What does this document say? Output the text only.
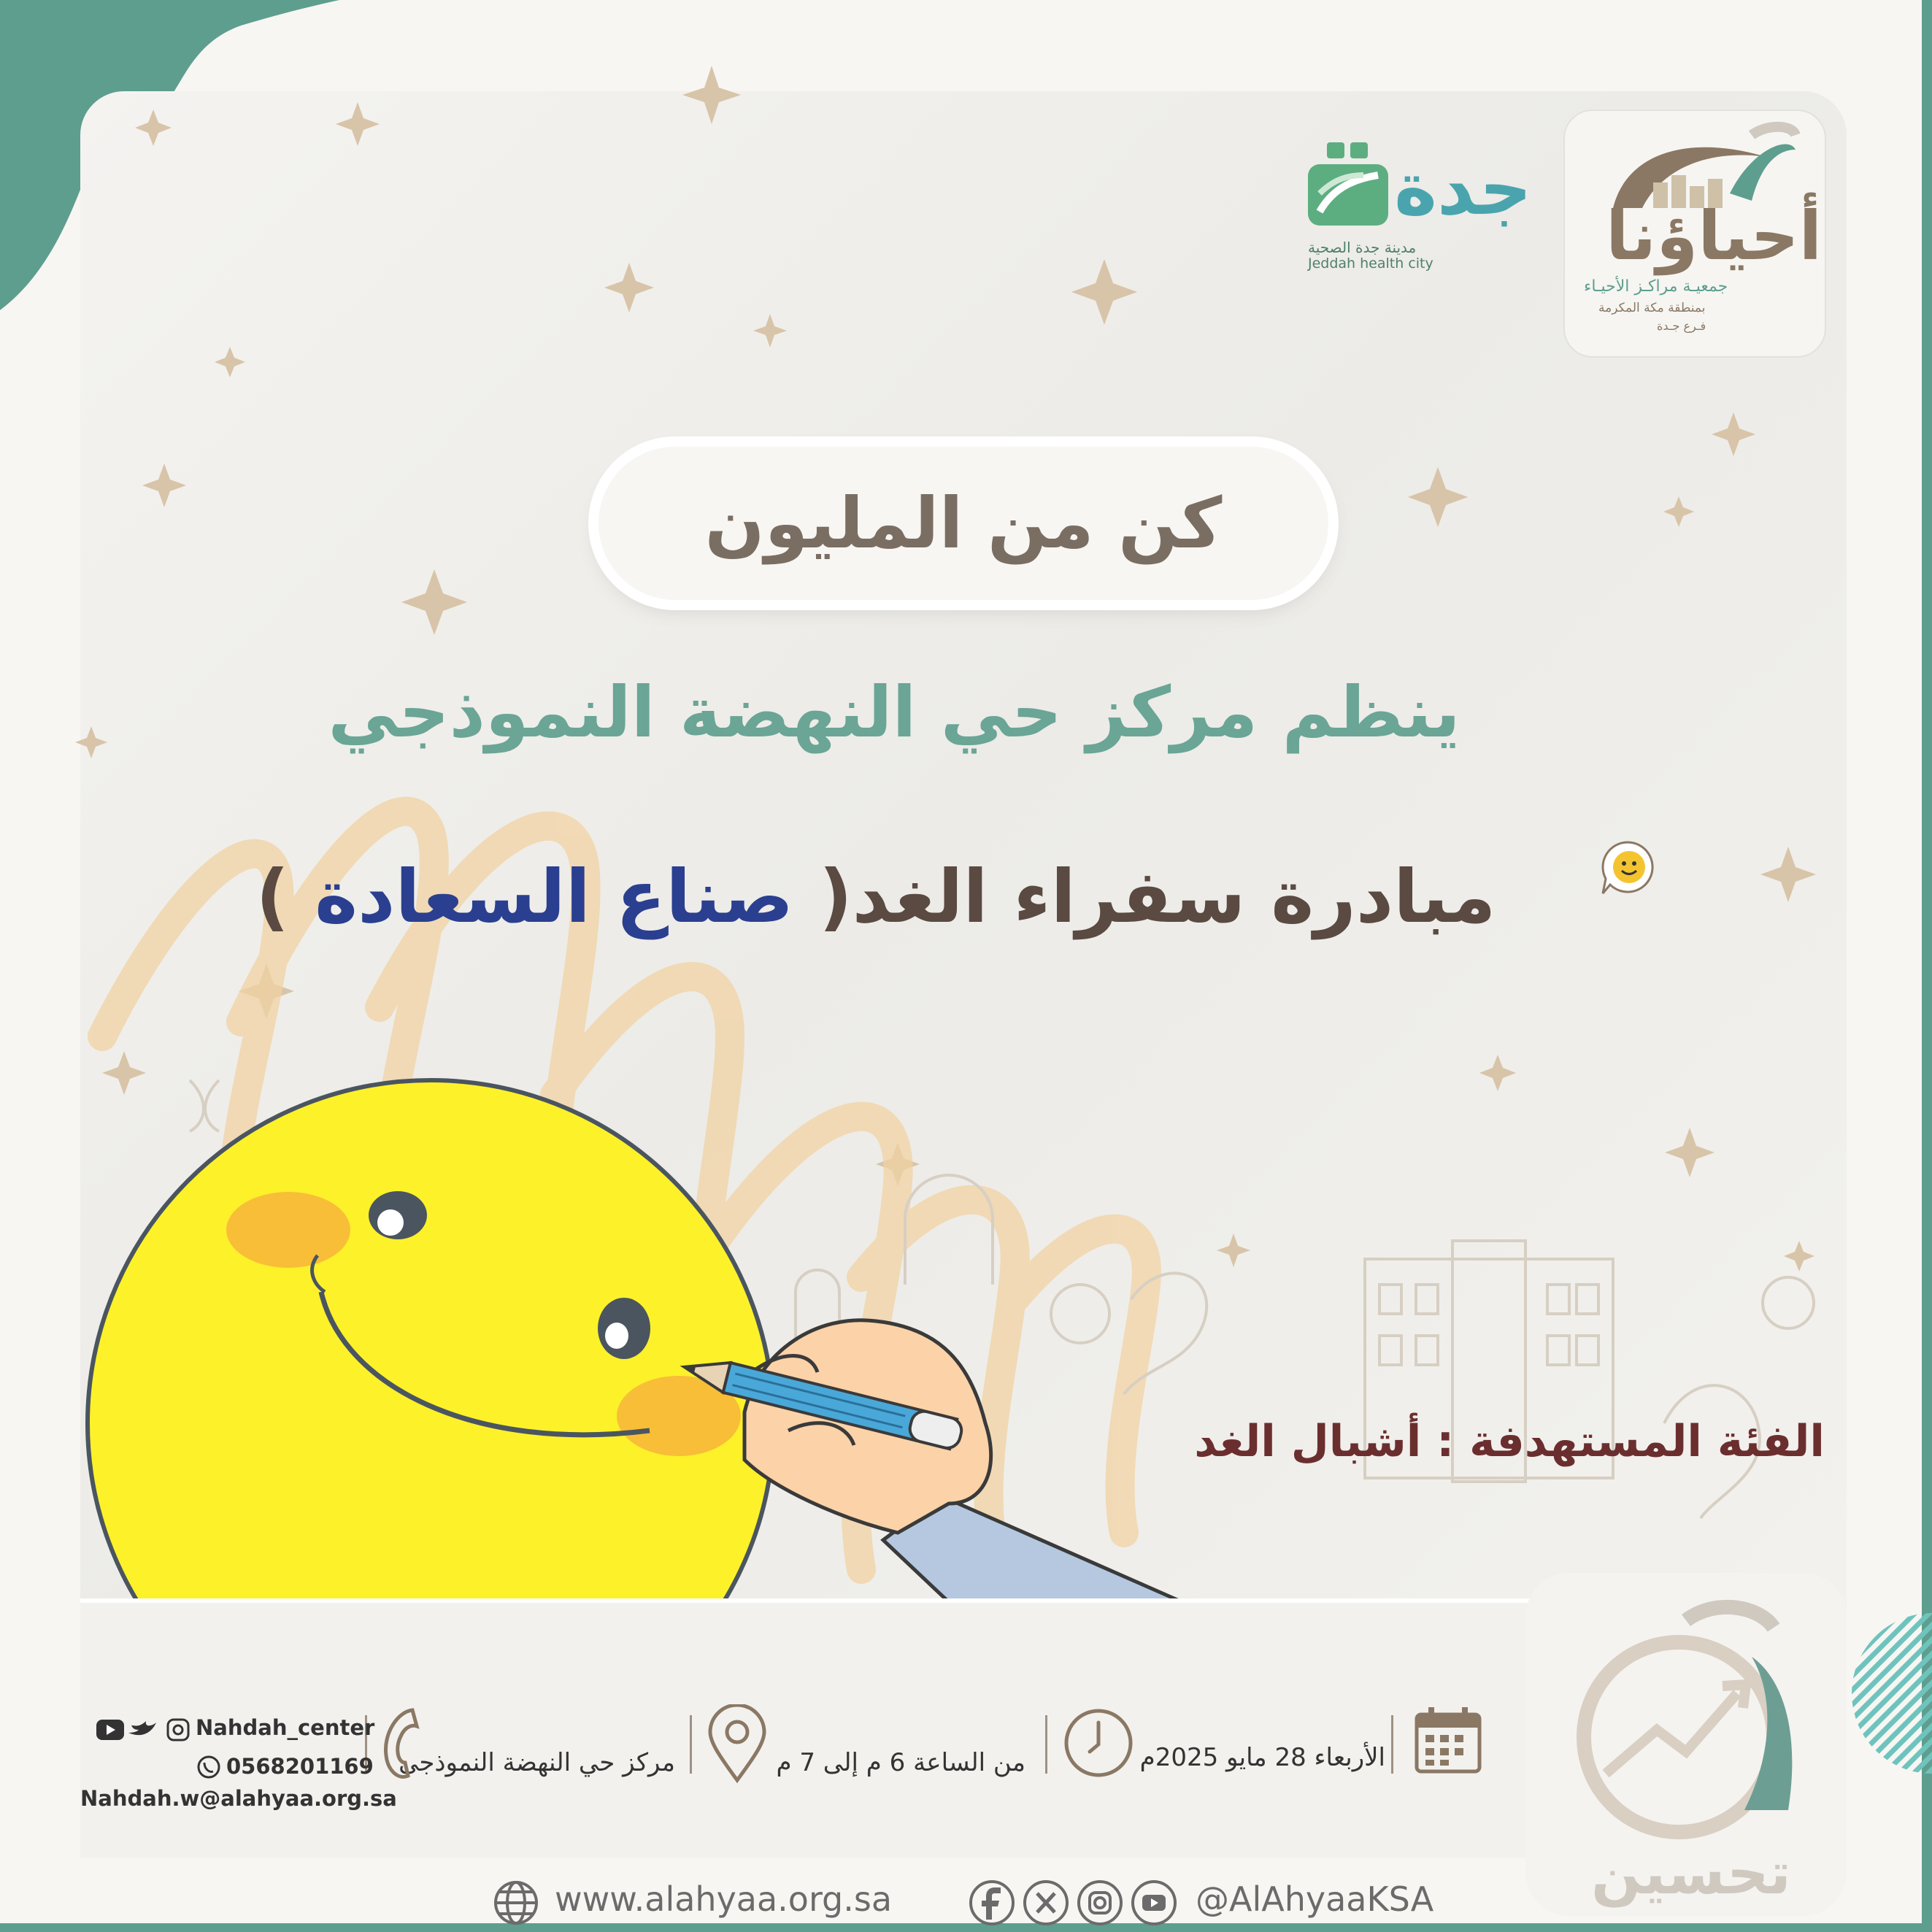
أحياؤنا
جمعيـة مراكـز الأحيـاء
بمنطقة مكة المكرمة
فـرع جـدة
جدة
مدينة جدة الصحية
Jeddah health city
كن من المليون
ينظم مركز حي النهضة النموذجي
مبادرة سفراء الغد( صناع السعادة )
الفئة المستهدفة : أشبال الغد
الأربعاء 28 مايو 2025م
من الساعة 6 م إلى 7 م
مركز حي النهضة النموذجي
Nahdah_center
0568201169
Nahdah.w@alahyaa.org.sa
www.alahyaa.org.sa	@AlAhyaaKSA	تحسين
